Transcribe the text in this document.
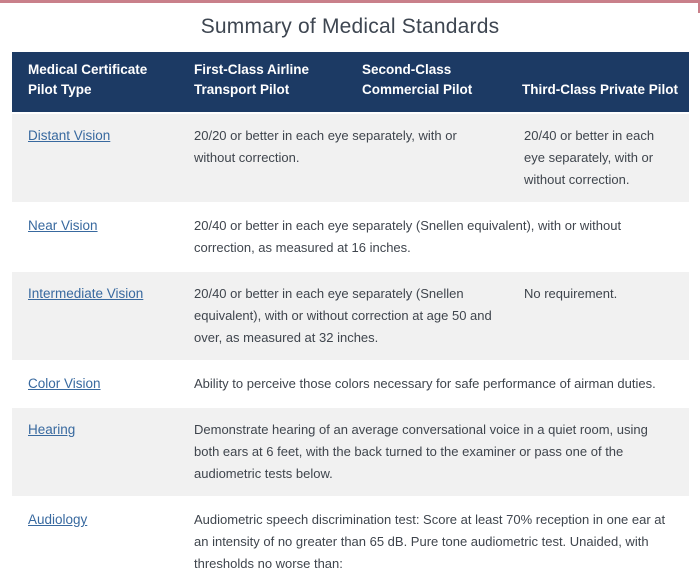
Summary of Medical Standards
Medical Certificate Pilot Type	First-Class Airline Transport Pilot	Second-Class Commercial Pilot	Third-Class Private Pilot
Distant Vision	20/20 or better in each eye separately, with or without correction.		20/40 or better in each eye separately, with or without correction.
Near Vision	20/40 or better in each eye separately (Snellen equivalent), with or without correction, as measured at 16 inches.		
Intermediate Vision	20/40 or better in each eye separately (Snellen equivalent), with or without correction at age 50 and over, as measured at 32 inches.		No requirement.
Color Vision	Ability to perceive those colors necessary for safe performance of airman duties.		
Hearing	Demonstrate hearing of an average conversational voice in a quiet room, using both ears at 6 feet, with the back turned to the examiner or pass one of the audiometric tests below.		
Audiology	Audiometric speech discrimination test: Score at least 70% reception in one ear at an intensity of no greater than 65 dB. Pure tone audiometric test. Unaided, with thresholds no worse than:		
